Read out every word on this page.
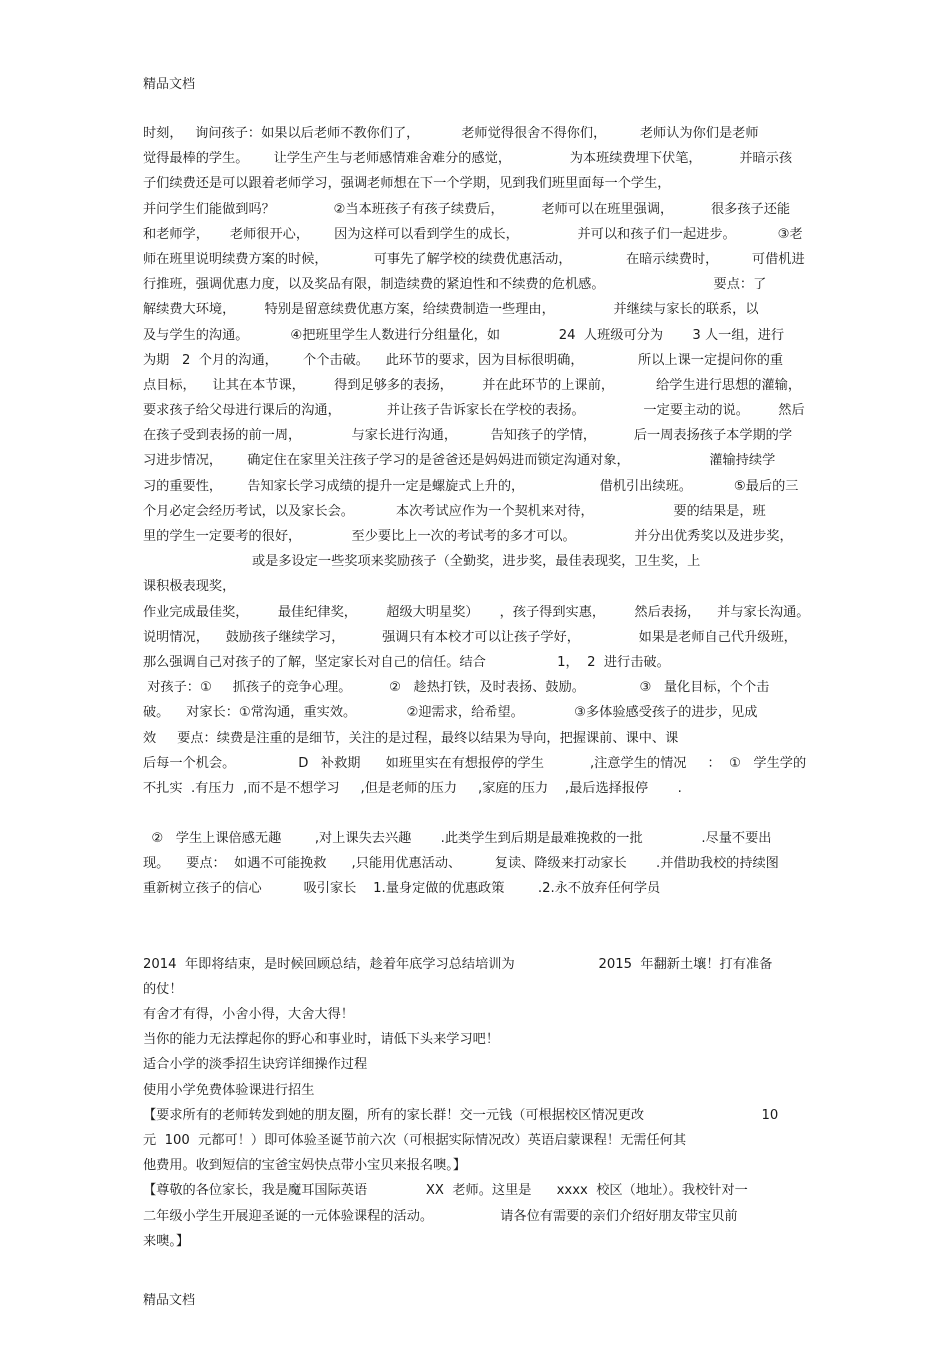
精品文档
时刻，   询问孩子：如果以后老师不教你们了，          老师觉得很舍不得你们，        老师认为你们是老师
觉得最棒的学生。      让学生产生与老师感情难舍难分的感觉，              为本班续费埋下伏笔，         并暗示孩
子们续费还是可以跟着老师学习，强调老师想在下一个学期，见到我们班里面每一个学生，
并问学生们能做到吗？              ②当本班孩子有孩子续费后，         老师可以在班里强调，         很多孩子还能
和老师学，     老师很开心，      因为这样可以看到学生的成长，              并可以和孩子们一起进步。          ③老
师在班里说明续费方案的时候，           可事先了解学校的续费优惠活动，             在暗示续费时，        可借机进
行推班，强调优惠力度，以及奖品有限，制造续费的紧迫性和不续费的危机感。                          要点：了
解续费大环境，       特别是留意续费优惠方案，给续费制造一些理由，              并继续与家长的联系，以
及与学生的沟通。          ④把班里学生人数进行分组量化，如              24  人班级可分为       3 人一组，进行
为期   2  个月的沟通，      个个击破。    此环节的要求，因为目标很明确，             所以上课一定提问你的重
点目标，    让其在本节课，       得到足够多的表扬，       并在此环节的上课前，          给学生进行思想的灌输，
要求孩子给父母进行课后的沟通，           并让孩子告诉家长在学校的表扬。              一定要主动的说。       然后
在孩子受到表扬的前一周，            与家长进行沟通，        告知孩子的学情，         后一周表扬孩子本学期的学
习进步情况，      确定住在家里关注孩子学习的是爸爸还是妈妈进而锁定沟通对象，                   灌输持续学
习的重要性，      告知家长学习成绩的提升一定是螺旋式上升的，                  借机引出续班。          ⑤最后的三
个月必定会经历考试，以及家长会。          本次考试应作为一个契机来对待，                   要的结果是，班
里的学生一定要考的很好，            至少要比上一次的考试考的多才可以。              并分出优秀奖以及进步奖，
或是多设定一些奖项来奖励孩子（全勤奖，进步奖，最佳表现奖，卫生奖，上
课积极表现奖，
作业完成最佳奖，       最佳纪律奖，       超级大明星奖）     ，孩子得到实惠，       然后表扬，    并与家长沟通。
说明情况，    鼓励孩子继续学习，         强调只有本校才可以让孩子学好，              如果是老师自己代升级班，
那么强调自己对孩子的了解，坚定家长对自己的信任。结合                 1，  2  进行击破。
对孩子：①     抓孩子的竞争心理。         ②   趁热打铁，及时表扬、鼓励。             ③   量化目标，个个击
破。    对家长：①常沟通，重实效。            ②迎需求，给希望。            ③多体验感受孩子的进步，见成
效     要点：续费是注重的是细节，关注的是过程，最终以结果为导向，把握课前、课中、课
后每一个机会。               D   补救期      如班里实在有想报停的学生           ,注意学生的情况     ：  ①   学生学的
不扎实  .有压力  ,而不是不想学习     ,但是老师的压力     ,家庭的压力    ,最后选择报停       .
②   学生上课倍感无趣        ,对上课失去兴趣       .此类学生到后期是最难挽救的一批              .尽量不要出
现。    要点：  如遇不可能挽救      ,只能用优惠活动、        复读、降级来打动家长       .并借助我校的持续图
重新树立孩子的信心          吸引家长    1.量身定做的优惠政策        .2.永不放弃任何学员
2014  年即将结束，是时候回顾总结，趁着年底学习总结培训为                    2015  年翻新土壤！打有准备
的仗！
有舍才有得，小舍小得，大舍大得！
当你的能力无法撑起你的野心和事业时，请低下头来学习吧！
适合小学的淡季招生诀窍详细操作过程
使用小学免费体验课进行招生
【要求所有的老师转发到她的朋友圈，所有的家长群！交一元钱（可根据校区情况更改                            10
元  100  元都可！）即可体验圣诞节前六次（可根据实际情况改）英语启蒙课程！无需任何其
他费用。收到短信的宝爸宝妈快点带小宝贝来报名噢。】
【尊敬的各位家长，我是魔耳国际英语              XX  老师。这里是      xxxx  校区（地址）。我校针对一
二年级小学生开展迎圣诞的一元体验课程的活动。                请各位有需要的亲们介绍好朋友带宝贝前
来噢。】
精品文档
